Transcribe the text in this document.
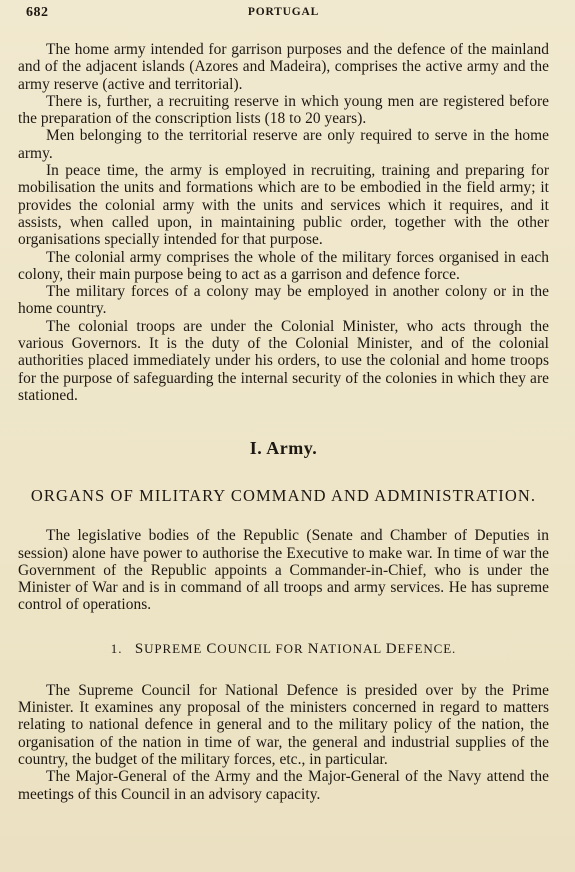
682	PORTUGAL

The home army intended for garrison purposes and the defence of the mainland and of the adjacent islands (Azores and Madeira), comprises the active army and the army reserve (active and territorial).

There is, further, a recruiting reserve in which young men are registered before the preparation of the conscription lists (18 to 20 years).

Men belonging to the territorial reserve are only required to serve in the home army.

In peace time, the army is employed in recruiting, training and preparing for mobilisation the units and formations which are to be embodied in the field army; it provides the colonial army with the units and services which it requires, and it assists, when called upon, in maintaining public order, together with the other organisations specially intended for that purpose.

The colonial army comprises the whole of the military forces organised in each colony, their main purpose being to act as a garrison and defence force.

The military forces of a colony may be employed in another colony or in the home country.

The colonial troops are under the Colonial Minister, who acts through the various Governors. It is the duty of the Colonial Minister, and of the colonial authorities placed immediately under his orders, to use the colonial and home troops for the purpose of safeguarding the internal security of the colonies in which they are stationed.

I. Army.
ORGANS OF MILITARY COMMAND AND ADMINISTRATION.

The legislative bodies of the Republic (Senate and Chamber of Deputies in session) alone have power to authorise the Executive to make war. In time of war the Government of the Republic appoints a Commander-in-Chief, who is under the Minister of War and is in command of all troops and army services. He has supreme control of operations.

1. SUPREME COUNCIL FOR NATIONAL DEFENCE.

The Supreme Council for National Defence is presided over by the Prime Minister. It examines any proposal of the ministers concerned in regard to matters relating to national defence in general and to the military policy of the nation, the organisation of the nation in time of war, the general and industrial supplies of the country, the budget of the military forces, etc., in particular.

The Major-General of the Army and the Major-General of the Navy attend the meetings of this Council in an advisory capacity.
